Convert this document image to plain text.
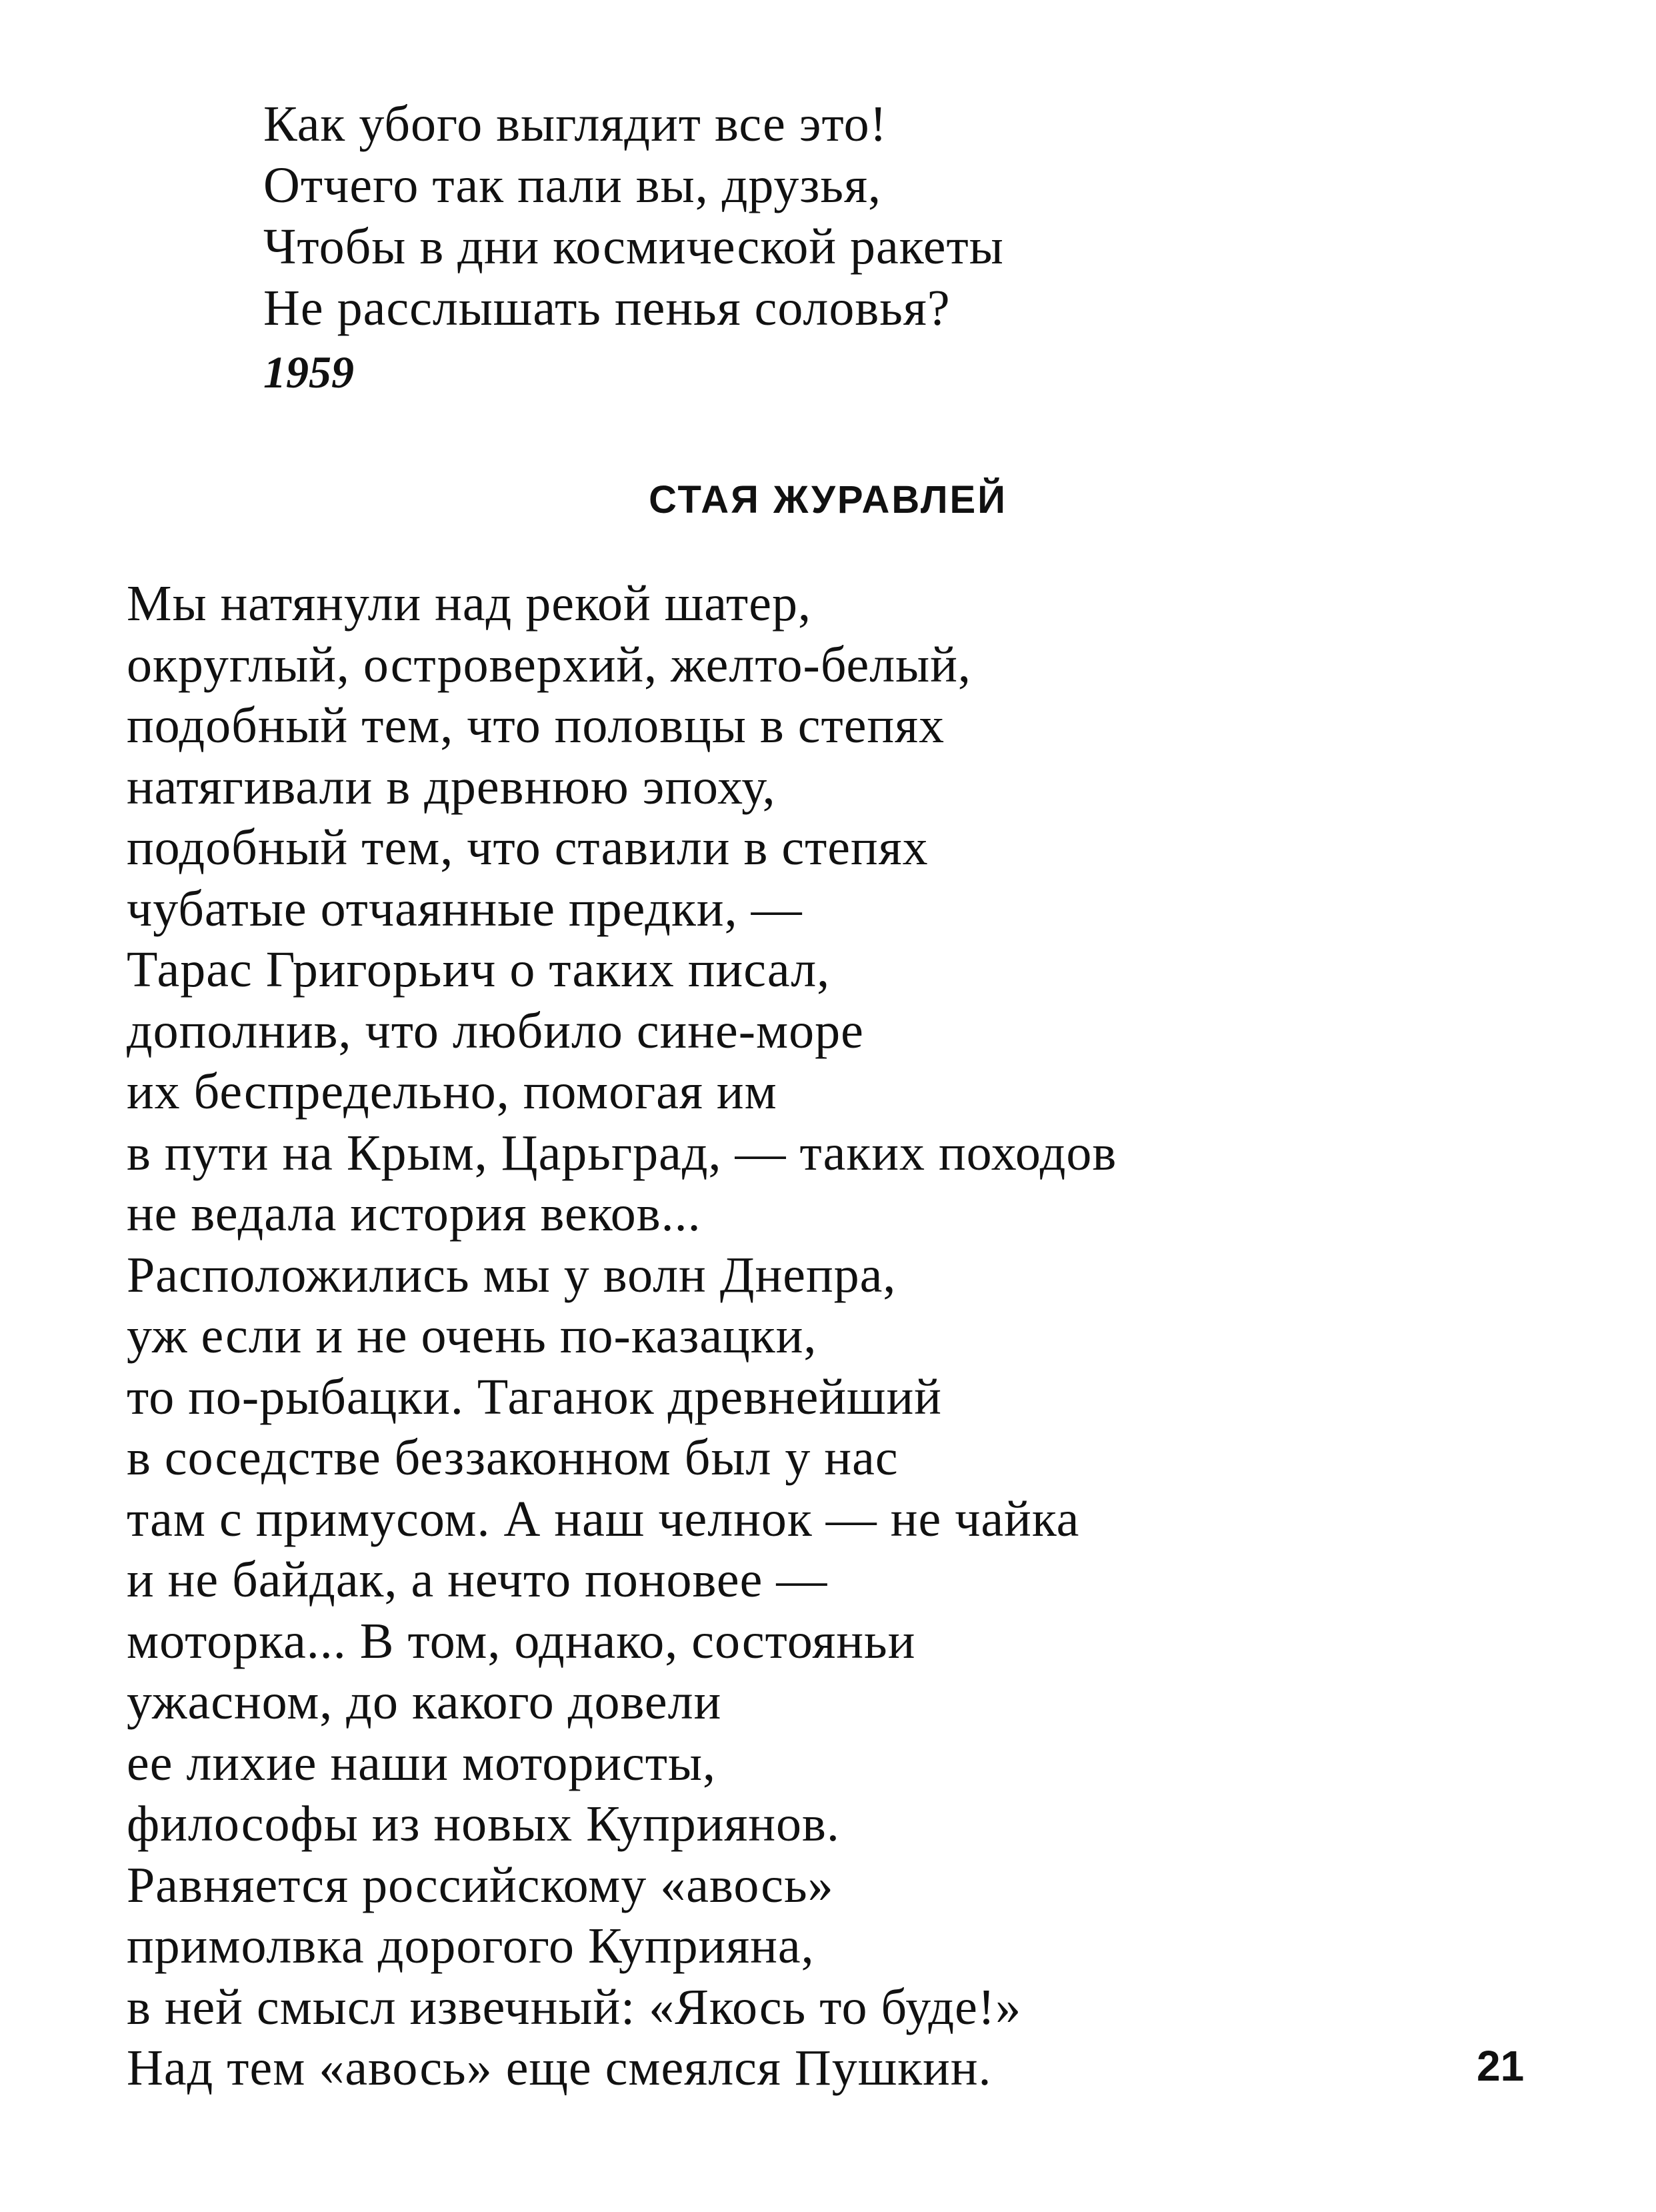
Как убого выглядит все это!
Отчего так пали вы, друзья,
Чтобы в дни космической ракеты
Не расслышать пенья соловья?
1959
СТАЯ ЖУРАВЛЕЙ
Мы натянули над рекой шатер,
округлый, островерхий, желто-белый,
подобный тем, что половцы в степях
натягивали в древнюю эпоху,
подобный тем, что ставили в степях
чубатые отчаянные предки, —
Тарас Григорьич о таких писал,
дополнив, что любило сине-море
их беспредельно, помогая им
в пути на Крым, Царьград, — таких походов
не ведала история веков...
Расположились мы у волн Днепра,
уж если и не очень по-казацки,
то по-рыбацки. Таганок древнейший
в соседстве беззаконном был у нас
там с примусом. А наш челнок — не чайка
и не байдак, а нечто поновее —
моторка... В том, однако, состояньи
ужасном, до какого довели
ее лихие наши мотористы,
философы из новых Куприянов.
Равняется российскому «авось»
примолвка дорогого Куприяна,
в ней смысл извечный: «Якось то буде!»
Над тем «авось» еще смеялся Пушкин.	21
